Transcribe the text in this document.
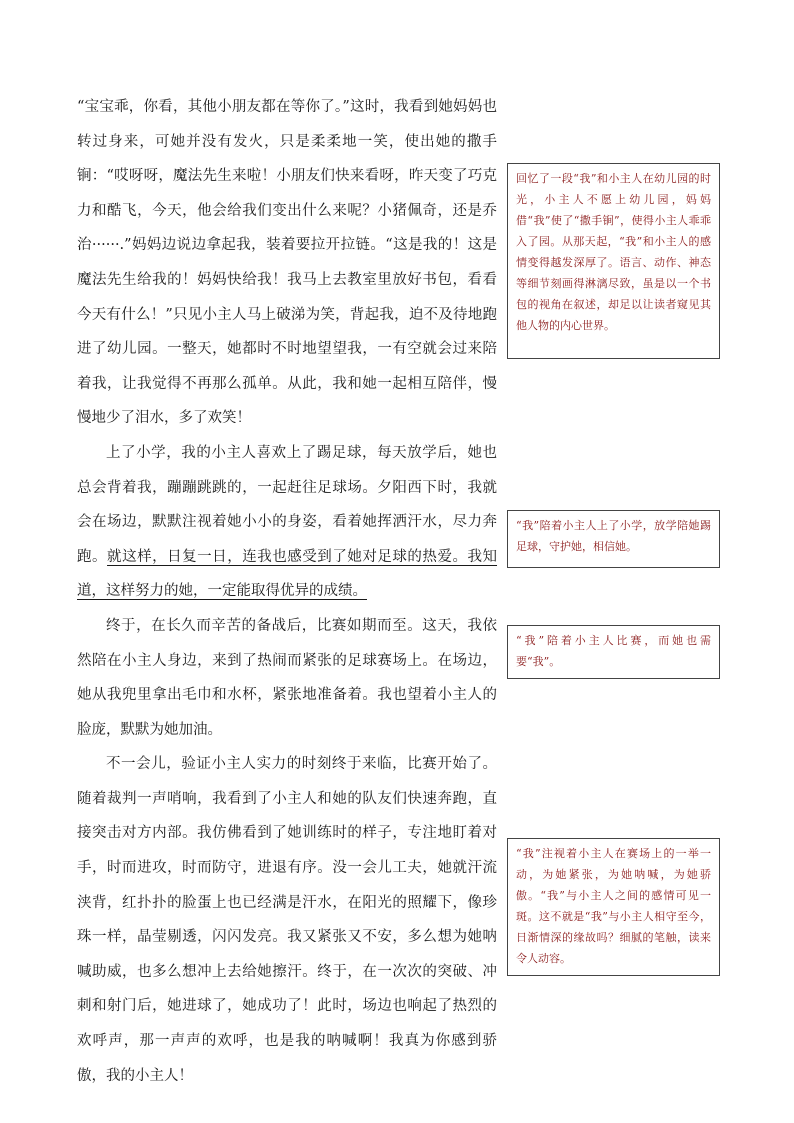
“宝宝乖，你看，其他小朋友都在等你了。”这时，我看到她妈妈也转过身来，可她并没有发火，只是柔柔地一笑，使出她的撒手锏：“哎呀呀，魔法先生来啦！小朋友们快来看呀，昨天变了巧克力和酷飞，今天，他会给我们变出什么来呢？小猪佩奇，还是乔治······.”妈妈边说边拿起我，装着要拉开拉链。“这是我的！这是魔法先生给我的！妈妈快给我！我马上去教室里放好书包，看看今天有什么！”只见小主人马上破涕为笑，背起我，迫不及待地跑进了幼儿园。一整天，她都时不时地望望我，一有空就会过来陪着我，让我觉得不再那么孤单。从此，我和她一起相互陪伴，慢慢地少了泪水，多了欢笑！

上了小学，我的小主人喜欢上了踢足球，每天放学后，她也总会背着我，蹦蹦跳跳的，一起赶往足球场。夕阳西下时，我就会在场边，默默注视着她小小的身姿，看着她挥洒汗水，尽力奔跑。就这样，日复一日，连我也感受到了她对足球的热爱。我知道，这样努力的她，一定能取得优异的成绩。

终于，在长久而辛苦的备战后，比赛如期而至。这天，我依然陪在小主人身边，来到了热闹而紧张的足球赛场上。在场边，她从我兜里拿出毛巾和水杯，紧张地准备着。我也望着小主人的脸庞，默默为她加油。

不一会儿，验证小主人实力的时刻终于来临，比赛开始了。随着裁判一声哨响，我看到了小主人和她的队友们快速奔跑，直接突击对方内部。我仿佛看到了她训练时的样子，专注地盯着对手，时而进攻，时而防守，进退有序。没一会儿工夫，她就汗流浃背，红扑扑的脸蛋上也已经满是汗水，在阳光的照耀下，像珍珠一样，晶莹剔透，闪闪发亮。我又紧张又不安，多么想为她呐喊助威，也多么想冲上去给她擦汗。终于，在一次次的突破、冲刺和射门后，她进球了，她成功了！此时，场边也响起了热烈的欢呼声，那一声声的欢呼，也是我的呐喊啊！我真为你感到骄傲，我的小主人！

回忆了一段“我”和小主人在幼儿园的时光，小主人不愿上幼儿园，妈妈借“我”使了“撒手锏”，使得小主人乖乖入了园。从那天起，“我”和小主人的感情变得越发深厚了。语言、动作、神态等细节刻画得淋漓尽致，虽是以一个书包的视角在叙述，却足以让读者窥见其他人物的内心世界。
“我”陪着小主人上了小学，放学陪她踢足球，守护她，相信她。
“我”陪着小主人比赛，而她也需要“我”。
“我”注视着小主人在赛场上的一举一动，为她紧张，为她呐喊，为她骄傲。“我”与小主人之间的感情可见一斑。这不就是“我”与小主人相守至今，日渐情深的缘故吗？细腻的笔触，读来令人动容。
